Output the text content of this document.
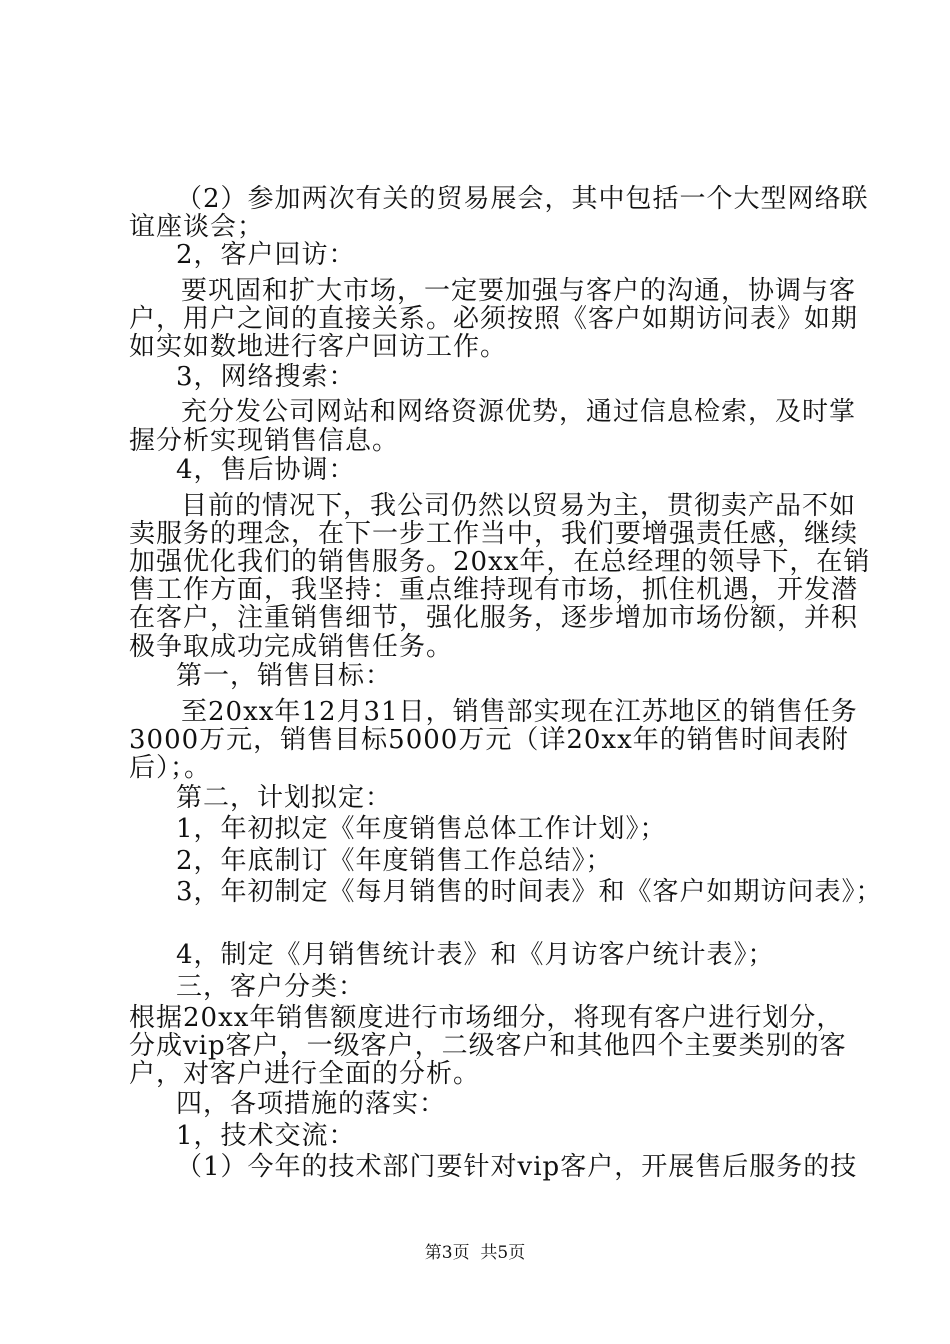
（2）参加两次有关的贸易展会，其中包括一个大型网络联
谊座谈会；
2，客户回访：
要巩固和扩大市场，一定要加强与客户的沟通，协调与客
户，用户之间的直接关系。必须按照《客户如期访问表》如期
如实如数地进行客户回访工作。
3，网络搜索：
充分发公司网站和网络资源优势，通过信息检索，及时掌
握分析实现销售信息。
4，售后协调：
目前的情况下，我公司仍然以贸易为主，贯彻卖产品不如
卖服务的理念，在下一步工作当中，我们要增强责任感，继续
加强优化我们的销售服务。20xx年，在总经理的领导下，在销
售工作方面，我坚持：重点维持现有市场，抓住机遇，开发潜
在客户，注重销售细节，强化服务，逐步增加市场份额，并积
极争取成功完成销售任务。
第一，销售目标：
至20xx年12月31日，销售部实现在江苏地区的销售任务
3000万元，销售目标5000万元（详20xx年的销售时间表附
后）；。
第二，计划拟定：
1，年初拟定《年度销售总体工作计划》；
2，年底制订《年度销售工作总结》；
3，年初制定《每月销售的时间表》和《客户如期访问表》；
4，制定《月销售统计表》和《月访客户统计表》；
三，客户分类：
根据20xx年销售额度进行市场细分，将现有客户进行划分，
分成vip客户，一级客户，二级客户和其他四个主要类别的客
户，对客户进行全面的分析。
四，各项措施的落实：
1，技术交流：
（1）今年的技术部门要针对vip客户，开展售后服务的技
第3页  共5页
